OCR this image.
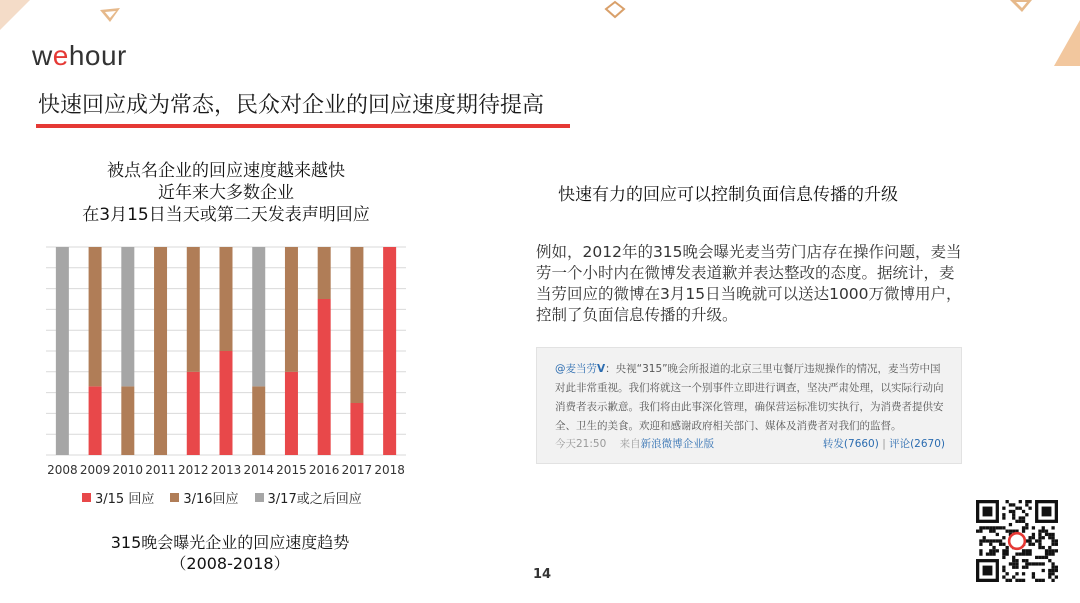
wehour
快速回应成为常态，民众对企业的回应速度期待提高
被点名企业的回应速度越来越快
近年来大多数企业
在3月15日当天或第二天发表声明回应
2008 2009 2010 2011 2012 2013 2014 2015 2016 2017 2018
3/15 回应 3/16回应 3/17或之后回应
315晚会曝光企业的回应速度趋势
（2008-2018）
快速有力的回应可以控制负面信息传播的升级
例如，2012年的315晚会曝光麦当劳门店存在操作问题，麦当劳一个小时内在微博发表道歉并表达整改的态度。据统计，麦当劳回应的微博在3月15日当晚就可以送达1000万微博用户，控制了负面信息传播的升级。
@麦当劳V：央视“315”晚会所报道的北京三里屯餐厅违规操作的情况，麦当劳中国对此非常重视。我们将就这一个别事件立即进行调查，坚决严肃处理，以实际行动向消费者表示歉意。我们将由此事深化管理，确保营运标准切实执行，为消费者提供安全、卫生的美食。欢迎和感谢政府相关部门、媒体及消费者对我们的监督。
今天21:50 来自新浪微博企业版	转发(7660) | 评论(2670)
14
